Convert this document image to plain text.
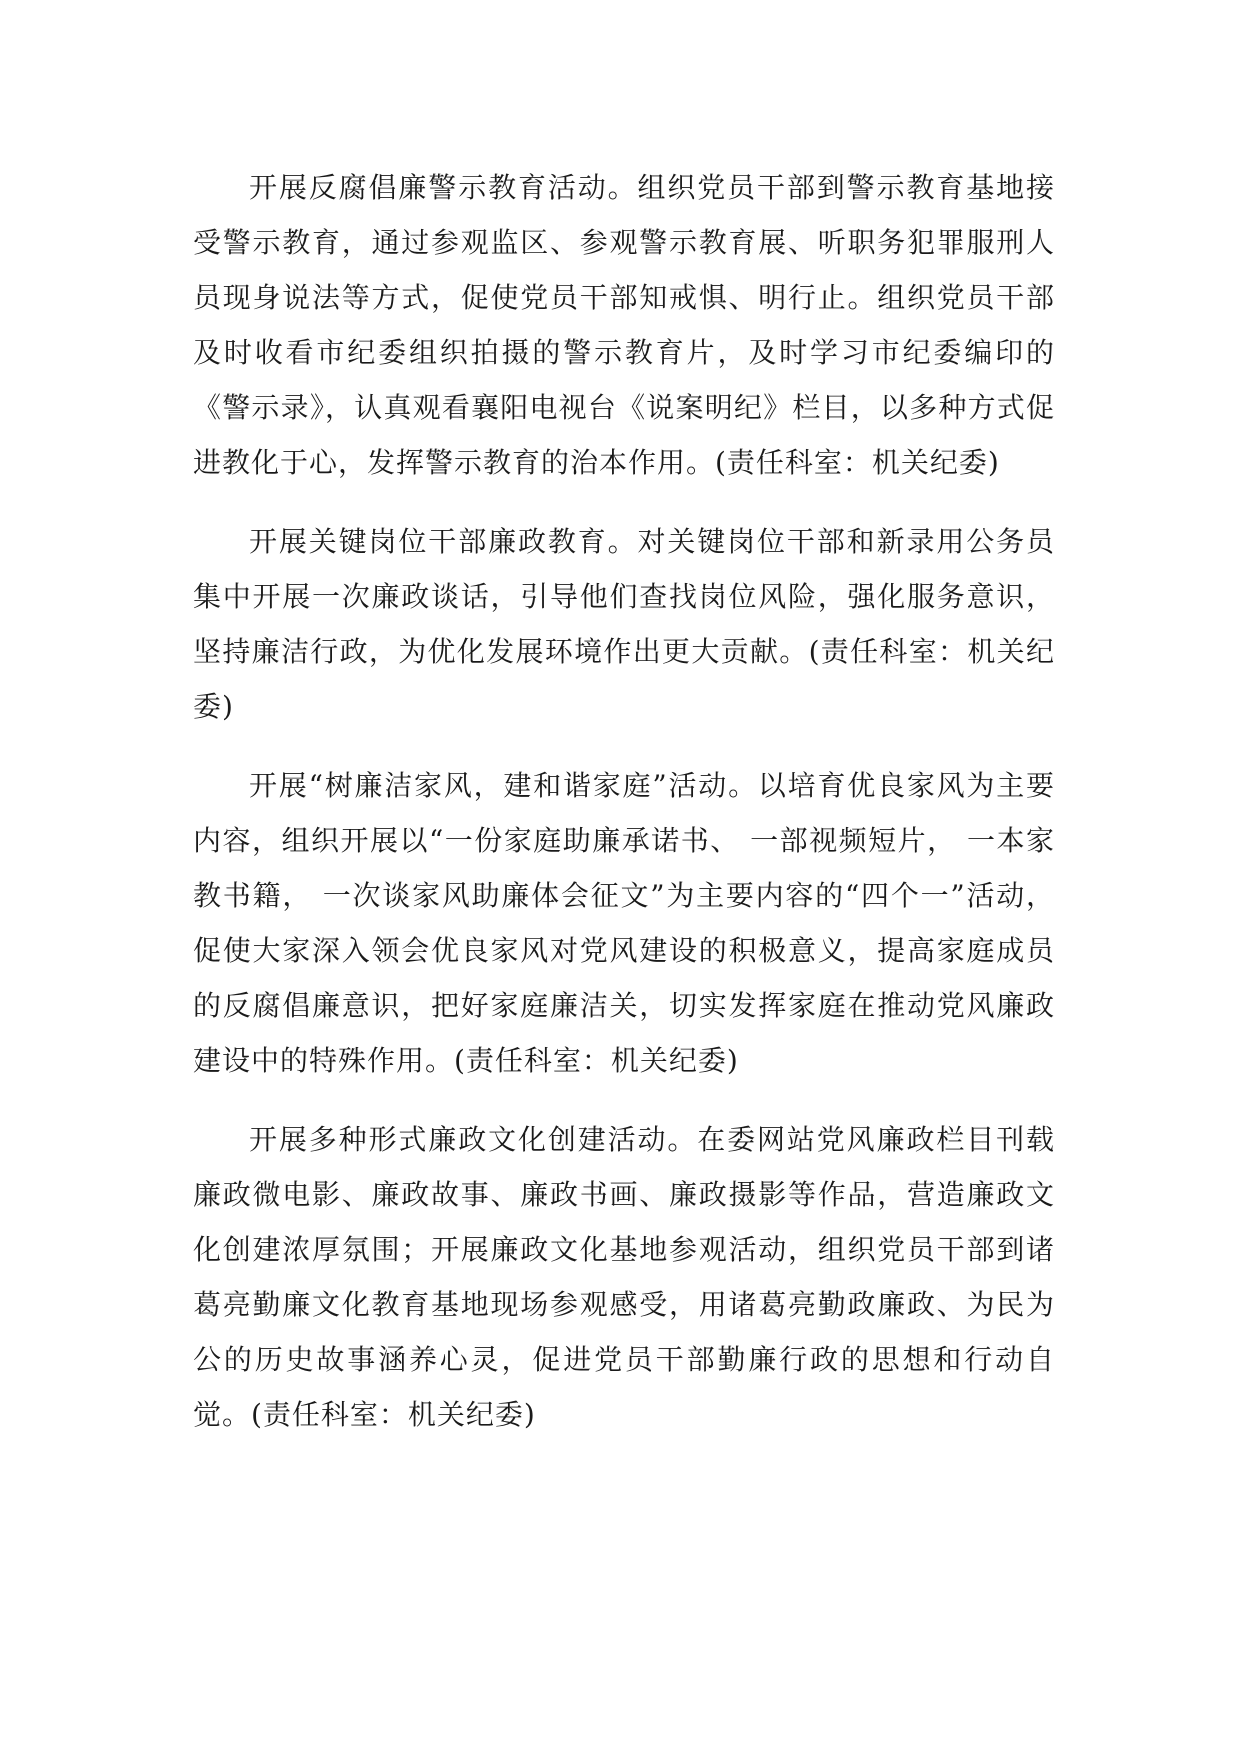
开展反腐倡廉警示教育活动。组织党员干部到警示教育基地接受警示教育，通过参观监区、参观警示教育展、听职务犯罪服刑人员现身说法等方式，促使党员干部知戒惧、明行止。组织党员干部及时收看市纪委组织拍摄的警示教育片，及时学习市纪委编印的《警示录》，认真观看襄阳电视台《说案明纪》栏目，以多种方式促进教化于心，发挥警示教育的治本作用。(责任科室：机关纪委)

开展关键岗位干部廉政教育。对关键岗位干部和新录用公务员集中开展一次廉政谈话，引导他们查找岗位风险，强化服务意识，坚持廉洁行政，为优化发展环境作出更大贡献。(责任科室：机关纪委)

开展“树廉洁家风，建和谐家庭”活动。以培育优良家风为主要内容，组织开展以“一份家庭助廉承诺书、 一部视频短片， 一本家教书籍， 一次谈家风助廉体会征文”为主要内容的“四个一”活动，促使大家深入领会优良家风对党风建设的积极意义，提高家庭成员的反腐倡廉意识，把好家庭廉洁关，切实发挥家庭在推动党风廉政建设中的特殊作用。(责任科室：机关纪委)

开展多种形式廉政文化创建活动。在委网站党风廉政栏目刊载廉政微电影、廉政故事、廉政书画、廉政摄影等作品，营造廉政文化创建浓厚氛围；开展廉政文化基地参观活动，组织党员干部到诸葛亮勤廉文化教育基地现场参观感受，用诸葛亮勤政廉政、为民为公的历史故事涵养心灵，促进党员干部勤廉行政的思想和行动自觉。(责任科室：机关纪委)
